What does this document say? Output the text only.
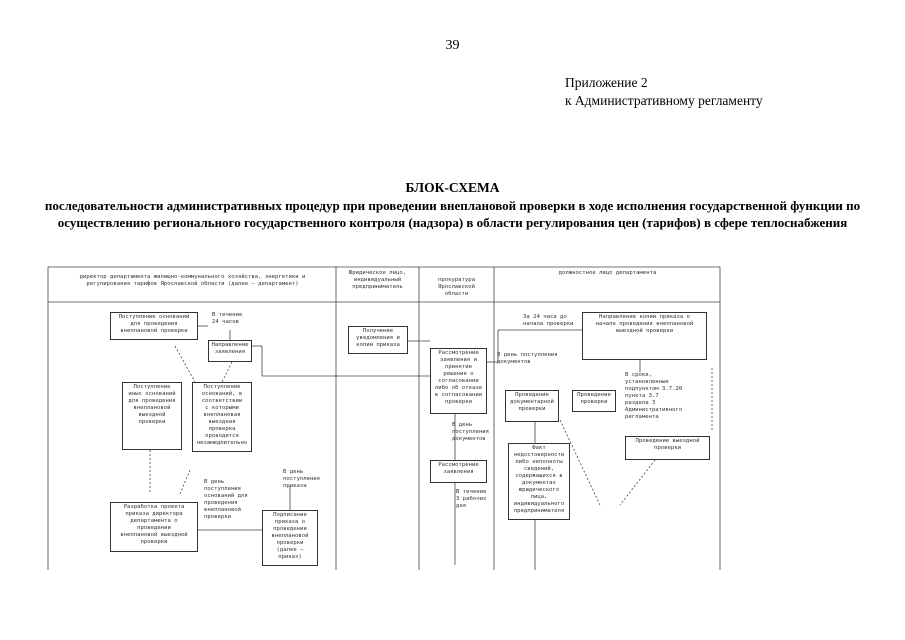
39
Приложение 2
к Административному регламенту
БЛОК-СХЕМА
последовательности административных процедур при проведении внеплановой проверки в ходе исполнения государственной функции по осуществлению регионального государственного контроля (надзора) в области регулирования цен (тарифов) в сфере теплоснабжения
директор департамента жилищно-коммунального хозяйства, энергетики и
регулирования тарифов Ярославской области (далее – департамент)
Юридическое лицо,
индивидуальный
предприниматель
прокуратура
Ярославской
области
должностное лицо департамента
Поступление оснований
для проведения
внеплановой проверки
Направление
заявления
Поступление
иных оснований
для проведения
внеплановой
выездной
проверки
Поступление
оснований, в
соответствии
с которыми
внеплановая
выездная
проверка
проводится
незамедлительно
Разработка проекта
приказа директора
департамента о
проведении
внеплановой выездной
проверки
Подписание
приказа о
проведении
внеплановой
проверки
(далее –
приказ)
Получение
уведомления и
копии приказа
Рассмотрение
заявления и
принятие
решения о
согласовании
либо об отказе
в согласовании
проверки
Рассмотрение
заявления
Направление копии приказа о
начале проведения внеплановой
выездной проверки
Проведение
документарной
проверки
Проведение
проверки
Проведение выездной
проверки
Факт
недостоверности
либо неполноты
сведений,
содержащихся в
документах
юридического
лица,
индивидуального
предпринимателя
В течение
24 часов
В день
поступления
оснований для
проведения
внеплановой
проверки
В день
поступления
приказа
В день поступления
документов
За 24 часа до
начала проверки
В день
поступления
документов
В течение
3 рабочих
дня
В сроки,
установленные
подпунктом 3.7.20
пункта 3.7
раздела 3
Административного
регламента
